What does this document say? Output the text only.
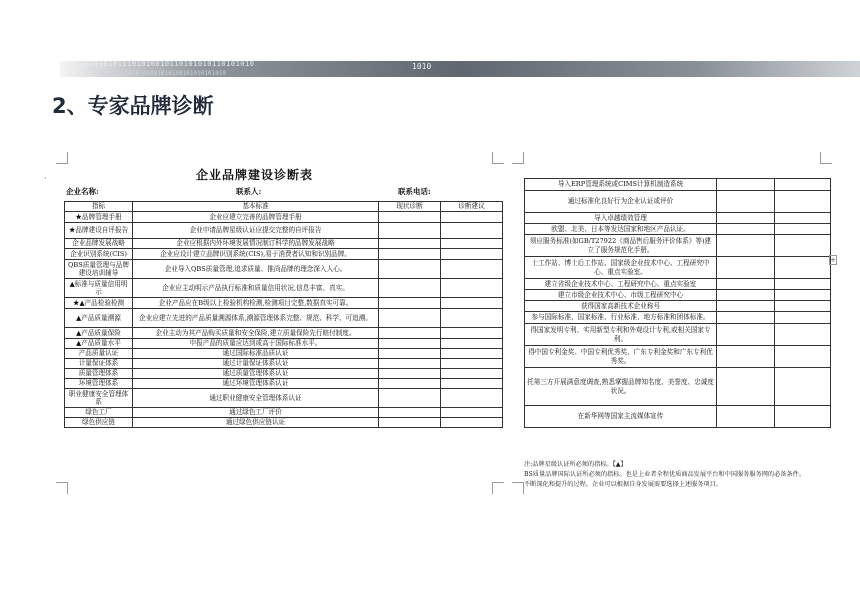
1010101011101010010110101010110101010
101010101010101001010100101010101010
1010
2、专家品牌诊断
·	企业品牌建设诊断表
企业名称:	联系人:	联系电话:
指标	基本标准	现状诊断	诊断建议
★品牌管理手册	企业应建立完善的品牌管理手册		
★品牌建设自评报告	企业申请品牌星级认证应提交完整的自评报告		
企业品牌发展战略	企业应根据内外环境发展情况制订科学的品牌发展战略		
企业识别系统(CIS)	企业应设计建立品牌识别系统(CIS),易于消费者认知和识别品牌。		
QBS质量管理与品牌建设培训辅导	企业导入QBS质量管理,追求质量、推尚品牌的理念深入人心。		
▲标准与质量信用明示	企业应主动明示产品执行标准和质量信用状况,信息丰富、真实。		
★▲产品检验检测	企业产品应在B级以上检验机构检测,检测项目完整,数据真实可靠。		
▲产品质量溯源	企业应建立先进的产品质量溯源体系,溯源管理体系完整、规范、科学、可追溯。		
▲产品质量保险	企业主动为其产品购买质量和安全保险,建立质量保险先行赔付制度。		
▲产品质量水平	申报产品的质量应达到或高于国际标准水平。		
产品质量认证	通过国际标准品质认证		
计量保证体系	通过计量保证体系认证		
质量管理体系	通过质量管理体系认证		
环境管理体系	通过环境管理体系认证		
职业健康安全管理体系	通过职业健康安全管理体系认证		
绿色工厂	通过绿色工厂评价		
绿色供应链	通过绿色供应链认证		
导入ERP管理系统或CIMS计算机制造系统		
通过标准化良好行为企业认证或评价		
导入卓越绩效管理		
欧盟、北美、日本等发达国家和地区产品认证。		
须应服务标准(如GB/T27922《商品售后服务评价体系》等)建立了服务规范化手册。		
士工作站、博士后工作站、国家级企业技术中心、工程研究中心、重点实验室。		
建立省级企业技术中心、工程研究中心、重点实验室		
建立市级企业技术中心、市级工程研究中心		
获得国家高新技术企业称号		
参与国际标准、国家标准、行业标准、地方标准和团体标准。		
得国家发明专利、实用新型专利和外观设计专利,或相关国家专利。		
得中国专利金奖、中国专利优秀奖、广东专利金奖和广东专利优秀奖。		
托第三方开展满意度调查,熟悉掌握品牌知名度、美誉度、忠诚度状况。		
在新华网等国家主流媒体宣传		
+
注:品牌星级认证所必须的指标。【▲】
BS质量品牌国际认证所必须的指标。也是上业者全程优质商品发展平台和中国服务服务网的必备条件。
不断深化和提升的过程。企业可以根据自身发展需要选择上述服务项目。
